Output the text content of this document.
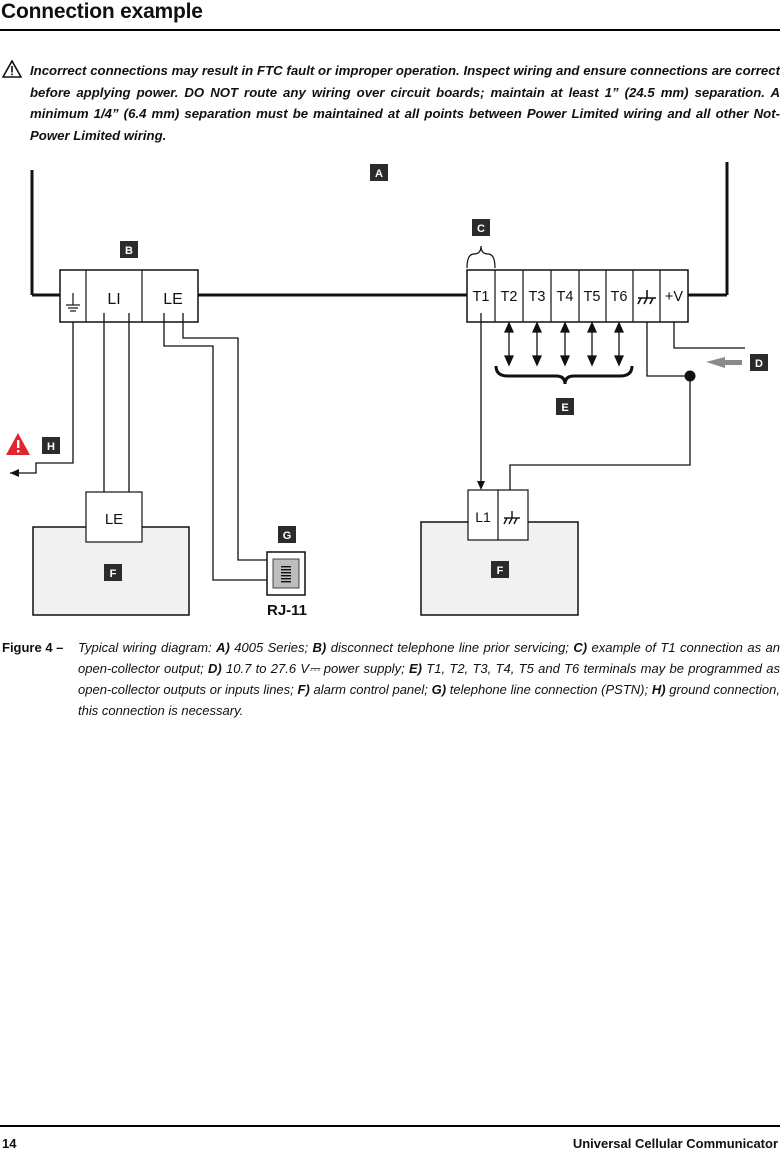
Connection example

Incorrect connections may result in FTC fault or improper operation. Inspect wiring and ensure connections are correct before applying power. DO NOT route any wiring over circuit boards; maintain at least 1” (24.5 mm) separation. A minimum 1/4” (6.4 mm) separation must be maintained at all points between Power Limited wiring and all other Not-Power Limited wiring.

LI	LE	T1 T2 T3 T4 T5 T6	+V
LE	L1
RJ-11
A
B
C
D
E
F	F
G
H

Figure 4 – Typical wiring diagram: A) 4005 Series; B) disconnect telephone line prior servicing; C) example of T1 connection as an open-collector output; D) 10.7 to 27.6 V⎓ power supply; E) T1, T2, T3, T4, T5 and T6 terminals may be programmed as open-collector outputs or inputs lines; F) alarm control panel; G) telephone line connection (PSTN); H) ground connection, this connection is necessary.

14	Universal Cellular Communicator
